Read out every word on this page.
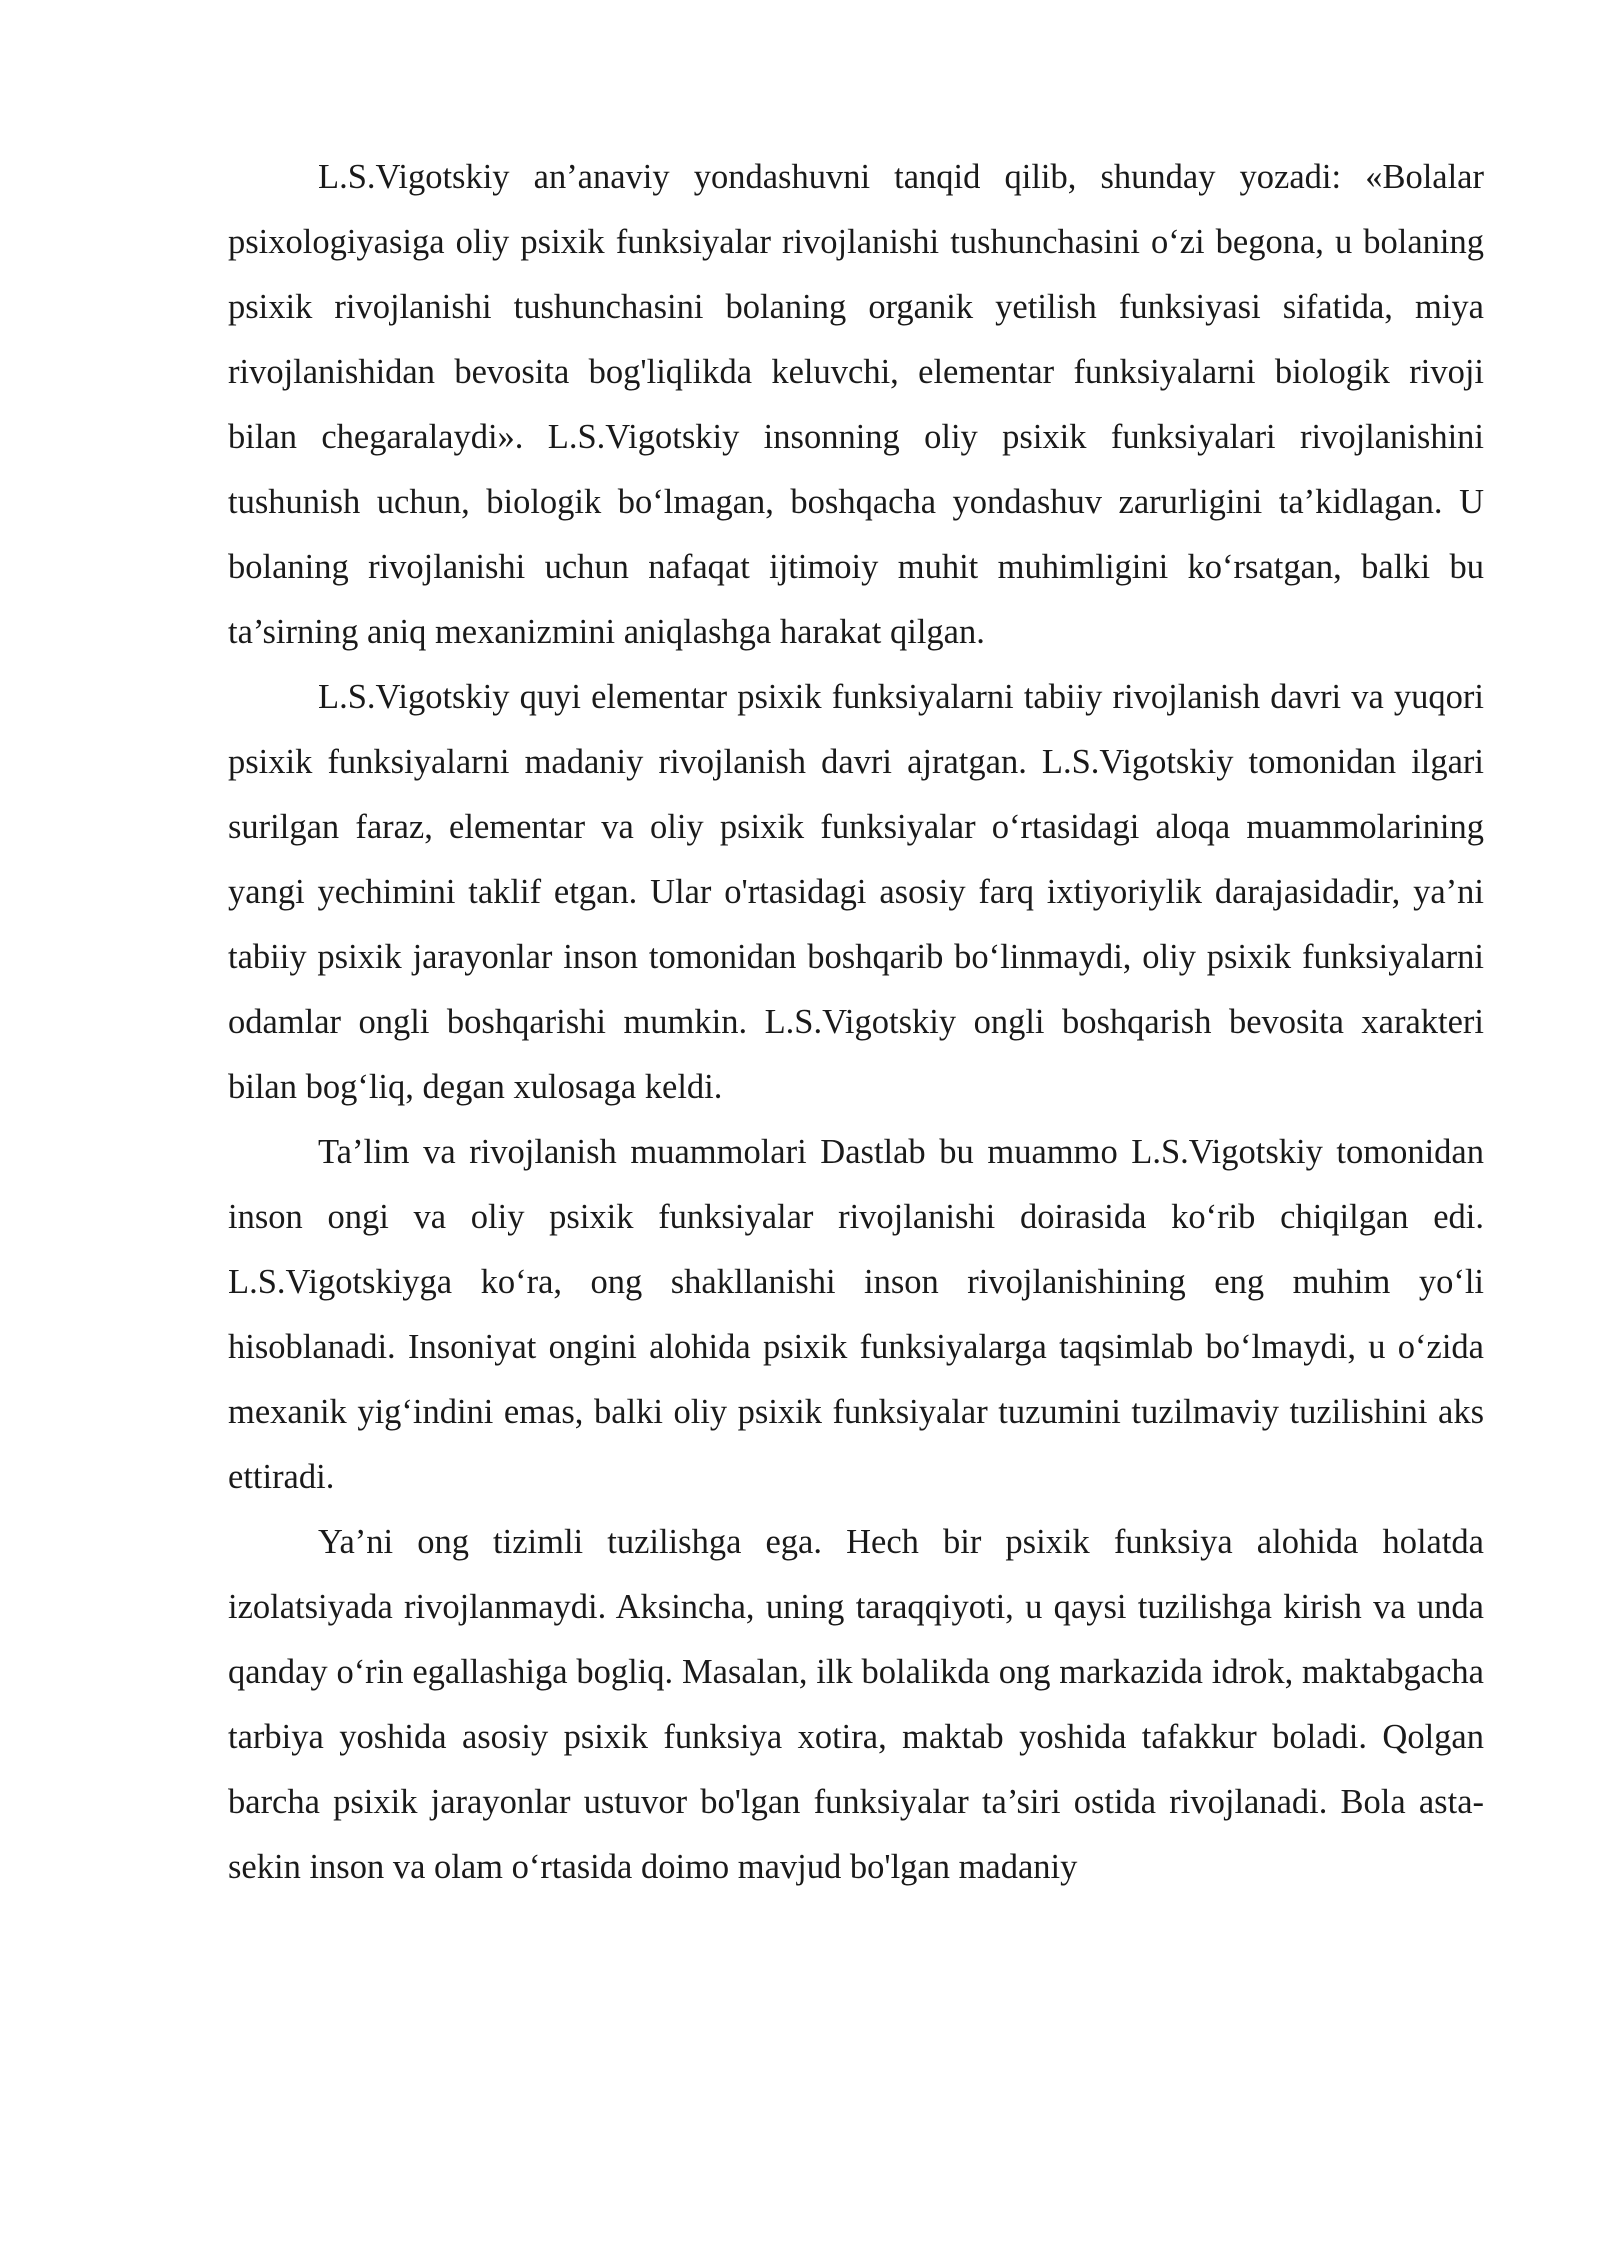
L.S.Vigotskiy an’anaviy yondashuvni tanqid qilib, shunday yozadi: «Bolalar psixologiyasiga oliy psixik funksiyalar rivojlanishi tushunchasini o‘zi begona, u bolaning psixik rivojlanishi tushunchasini bolaning organik yetilish funksiyasi sifatida, miya rivojlanishidan bevosita bog'liqlikda keluvchi, elementar funksiyalarni biologik rivoji bilan chegaralaydi». L.S.Vigotskiy insonning oliy psixik funksiyalari rivojlanishini tushunish uchun, biologik bo‘lmagan, boshqacha yondashuv zarurligini ta’kidlagan. U bolaning rivojlanishi uchun nafaqat ijtimoiy muhit muhimligini ko‘rsatgan, balki bu ta’sirning aniq mexanizmini aniqlashga harakat qilgan.

L.S.Vigotskiy quyi elementar psixik funksiyalarni tabiiy rivojlanish davri va yuqori psixik funksiyalarni madaniy rivojlanish davri ajratgan. L.S.Vigotskiy tomonidan ilgari surilgan faraz, elementar va oliy psixik funksiyalar o‘rtasidagi aloqa muammolarining yangi yechimini taklif etgan. Ular o'rtasidagi asosiy farq ixtiyoriylik darajasidadir, ya’ni tabiiy psixik jarayonlar inson tomonidan boshqarib bo‘linmaydi, oliy psixik funksiyalarni odamlar ongli boshqarishi mumkin. L.S.Vigotskiy ongli boshqarish bevosita xarakteri bilan bog‘liq, degan xulosaga keldi.

Ta’lim va rivojlanish muammolari Dastlab bu muammo L.S.Vigotskiy tomonidan inson ongi va oliy psixik funksiyalar rivojlanishi doirasida ko‘rib chiqilgan edi. L.S.Vigotskiyga ko‘ra, ong shakllanishi inson rivojlanishining eng muhim yo‘li hisoblanadi. Insoniyat ongini alohida psixik funksiyalarga taqsimlab bo‘lmaydi, u o‘zida mexanik yig‘indini emas, balki oliy psixik funksiyalar tuzumini tuzilmaviy tuzilishini aks ettiradi.

Ya’ni ong tizimli tuzilishga ega. Hech bir psixik funksiya alohida holatda izolatsiyada rivojlanmaydi. Aksincha, uning taraqqiyoti, u qaysi tuzilishga kirish va unda qanday o‘rin egallashiga bogliq. Masalan, ilk bolalikda ong markazida idrok, maktabgacha tarbiya yoshida asosiy psixik funksiya xotira, maktab yoshida tafakkur boladi. Qolgan barcha psixik jarayonlar ustuvor bo'lgan funksiyalar ta’siri ostida rivojlanadi. Bola asta-sekin inson va olam o‘rtasida doimo mavjud bo'lgan madaniy
